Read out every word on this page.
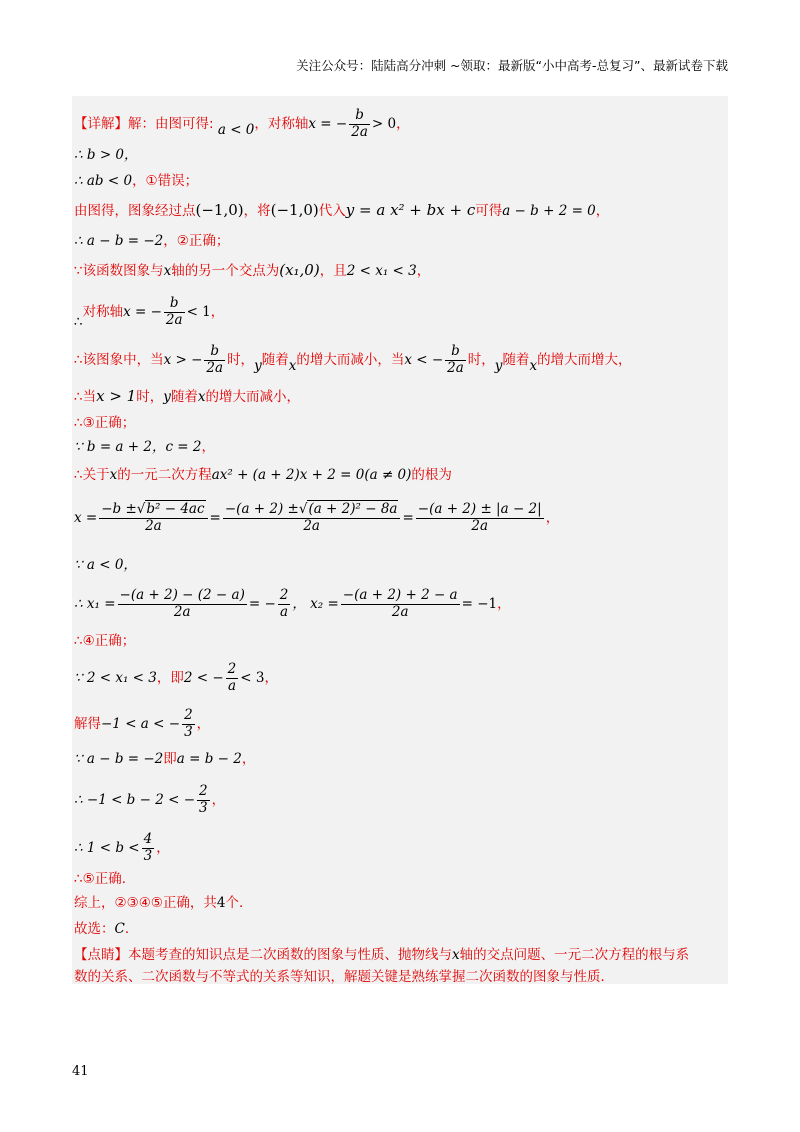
关注公众号：陆陆高分冲刺 ~领取：最新版“小中高考-总复习”、最新试卷下载
【详解】解：由图可得: a < 0，对称轴x = − $\frac{b}{2a} > 0$，
∴ b > 0，
∴ ab < 0，①错误；
由图得，图象经过点(−1,0)，将(−1,0)代入y = a x² + bx + c可得a − b + 2 = 0，
∴ a − b = −2，②正确；
∵该函数图象与x轴的另一个交点为(x₁,0)，且2 < x₁ < 3，
∴对称轴x = − $\frac{b}{2a} < 1$，
∴该图象中，当x > − $\frac{b}{2a}$ 时，y随着x的增大而减小，当x < − $\frac{b}{2a}$ 时，y随着x的增大而增大，
∴当x > 1时，y随着x的增大而减小，
∴③正确；
∵ b = a + 2，c = 2，
∴关于x的一元二次方程ax² + (a + 2)x + 2 = 0(a ≠ 0)的根为
$x = \frac{\text{−b ±√b² − 4ac}}{2a} = \frac{\text{−(a + 2) ±√(a + 2)² − 8a}}{2a} = \frac{-(a + 2) \pm |a - 2|}{2a}$ ，
∵ a < 0，
∴ $x_1 = \frac{-(a + 2) - (2 - a)}{2a}$ = − $\frac{2}{a}$ ， $x_2 = \frac{-(a + 2) + 2 - a}{2a} = -1$，
∴④正确；
∵ 2 < x₁ < 3，即2 < − $\frac{2}{a} < 3$，
解得−1 < a < − $\frac{2}{3}$ ，
∵ a − b = −2即a = b − 2，
∴ −1 < b − 2 < − $\frac{2}{3}$ ，
∴ $1 < b < \frac{4}{3}$ ，
∴⑤正确．
综上，②③④⑤正确，共4个．
故选：C．
【点睛】本题考查的知识点是二次函数的图象与性质、抛物线与x轴的交点问题、一元二次方程的根与系
数的关系、二次函数与不等式的关系等知识，解题关键是熟练掌握二次函数的图象与性质．
41
